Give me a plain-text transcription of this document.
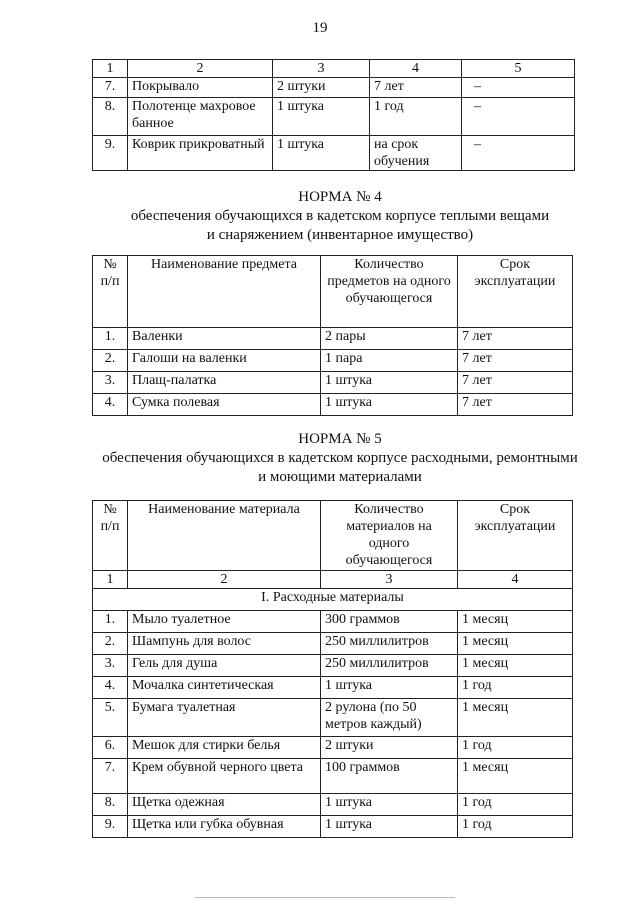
19
1	2	3	4	5
7.	Покрывало	2 штуки	7 лет	–
8.	Полотенце махровое банное	1 штука	1 год	–
9.	Коврик прикроватный	1 штука	на срок обучения	–
НОРМА № 4
обеспечения обучающихся в кадетском корпусе теплыми вещами
и снаряжением (инвентарное имущество)
№ п/п	Наименование предмета	Количество предметов на одного обучающегося	Срок эксплуатации
1.	Валенки	2 пары	7 лет
2.	Галоши на валенки	1 пара	7 лет
3.	Плащ-палатка	1 штука	7 лет
4.	Сумка полевая	1 штука	7 лет
НОРМА № 5
обеспечения обучающихся в кадетском корпусе расходными, ремонтными
и моющими материалами
№ п/п	Наименование материала	Количество материалов на одного обучающегося	Срок эксплуатации
1	2	3	4
I. Расходные материалы			
1.	Мыло туалетное	300 граммов	1 месяц
2.	Шампунь для волос	250 миллилитров	1 месяц
3.	Гель для душа	250 миллилитров	1 месяц
4.	Мочалка синтетическая	1 штука	1 год
5.	Бумага туалетная	2 рулона (по 50 метров каждый)	1 месяц
6.	Мешок для стирки белья	2 штуки	1 год
7.	Крем обувной черного цвета	100 граммов	1 месяц
8.	Щетка одежная	1 штука	1 год
9.	Щетка или губка обувная	1 штука	1 год
